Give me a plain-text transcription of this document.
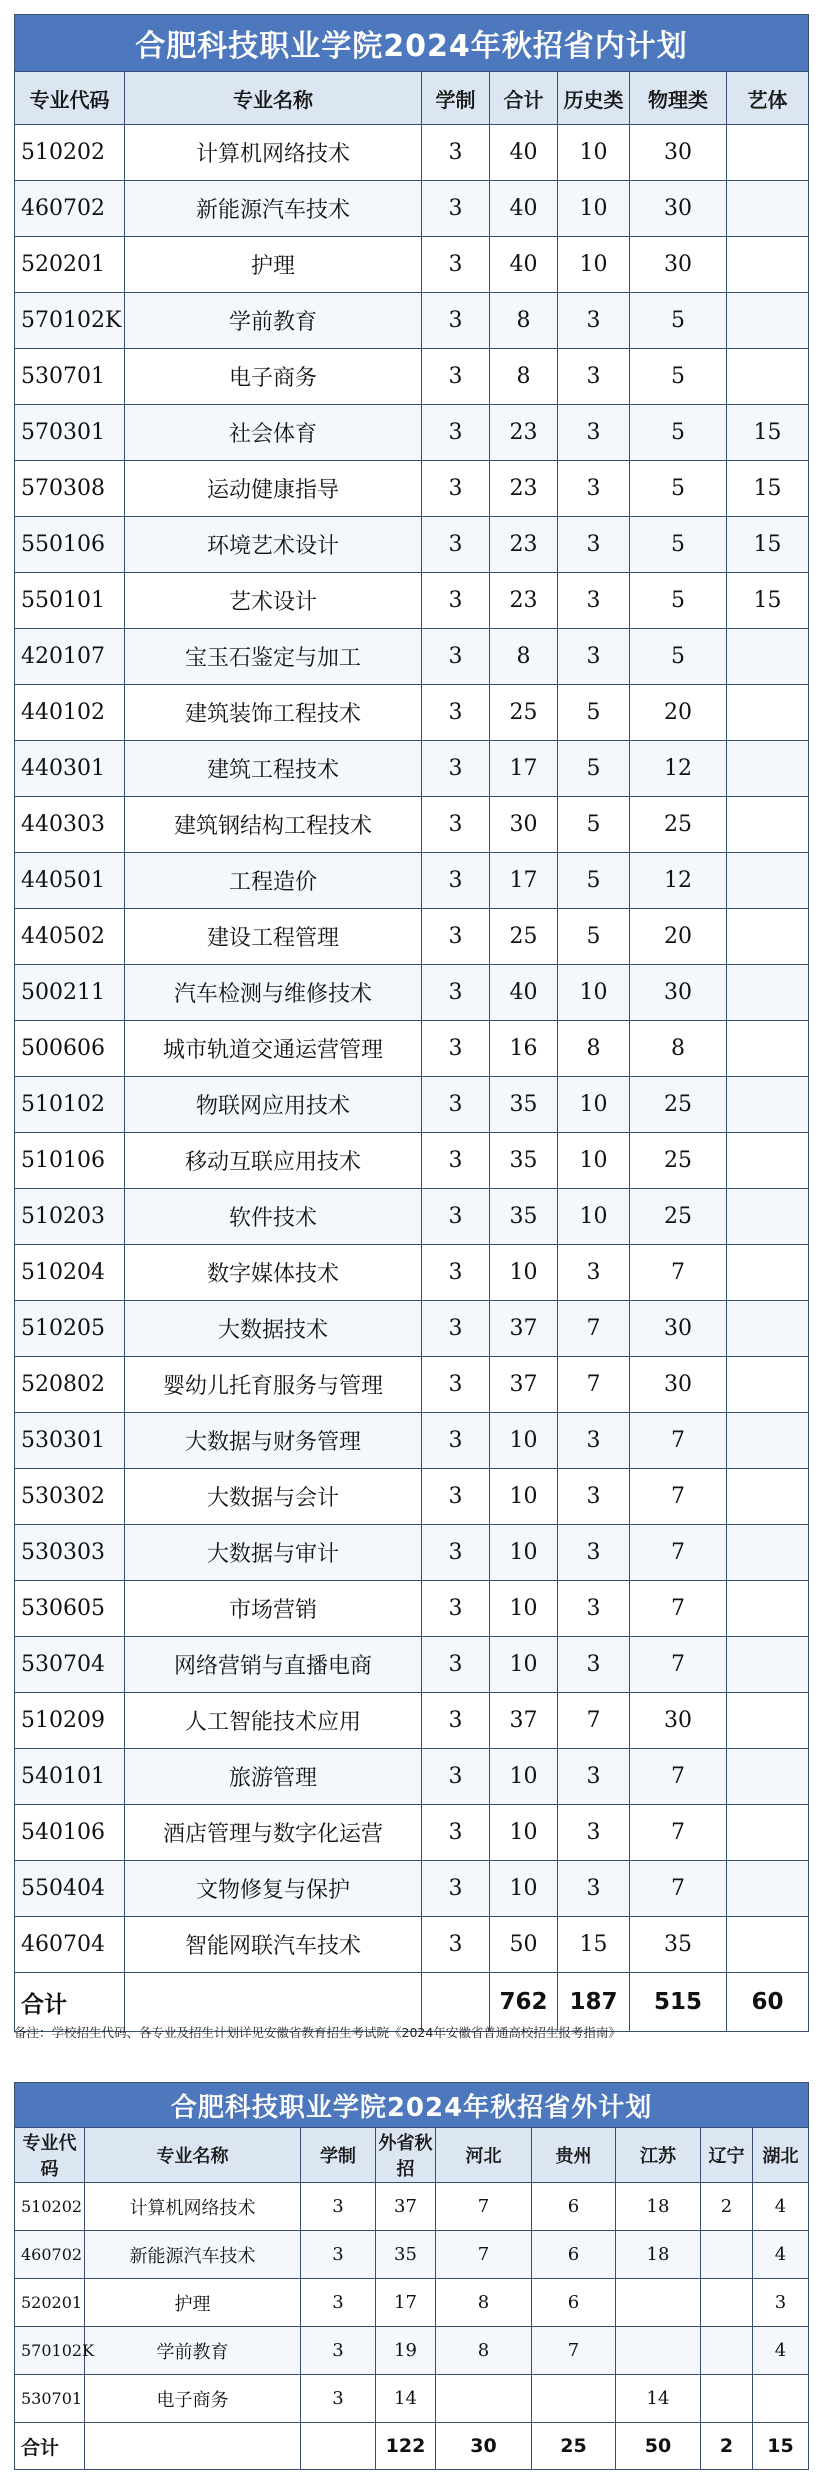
合肥科技职业学院2024年秋招省内计划						
专业代码	专业名称	学制	合计	历史类	物理类	艺体
510202	计算机网络技术	3	40	10	30	
460702	新能源汽车技术	3	40	10	30	
520201	护理	3	40	10	30	
570102K	学前教育	3	8	3	5	
530701	电子商务	3	8	3	5	
570301	社会体育	3	23	3	5	15
570308	运动健康指导	3	23	3	5	15
550106	环境艺术设计	3	23	3	5	15
550101	艺术设计	3	23	3	5	15
420107	宝玉石鉴定与加工	3	8	3	5	
440102	建筑装饰工程技术	3	25	5	20	
440301	建筑工程技术	3	17	5	12	
440303	建筑钢结构工程技术	3	30	5	25	
440501	工程造价	3	17	5	12	
440502	建设工程管理	3	25	5	20	
500211	汽车检测与维修技术	3	40	10	30	
500606	城市轨道交通运营管理	3	16	8	8	
510102	物联网应用技术	3	35	10	25	
510106	移动互联应用技术	3	35	10	25	
510203	软件技术	3	35	10	25	
510204	数字媒体技术	3	10	3	7	
510205	大数据技术	3	37	7	30	
520802	婴幼儿托育服务与管理	3	37	7	30	
530301	大数据与财务管理	3	10	3	7	
530302	大数据与会计	3	10	3	7	
530303	大数据与审计	3	10	3	7	
530605	市场营销	3	10	3	7	
530704	网络营销与直播电商	3	10	3	7	
510209	人工智能技术应用	3	37	7	30	
540101	旅游管理	3	10	3	7	
540106	酒店管理与数字化运营	3	10	3	7	
550404	文物修复与保护	3	10	3	7	
460704	智能网联汽车技术	3	50	15	35	
合计			762	187	515	60
备注：学校招生代码、各专业及招生计划详见安徽省教育招生考试院《2024年安徽省普通高校招生报考指南》
合肥科技职业学院2024年秋招省外计划								
专业代码	专业名称	学制	外省秋招	河北	贵州	江苏	辽宁	湖北
510202	计算机网络技术	3	37	7	6	18	2	4
460702	新能源汽车技术	3	35	7	6	18		4
520201	护理	3	17	8	6			3
570102K	学前教育	3	19	8	7			4
530701	电子商务	3	14			14		
合计			122	30	25	50	2	15
